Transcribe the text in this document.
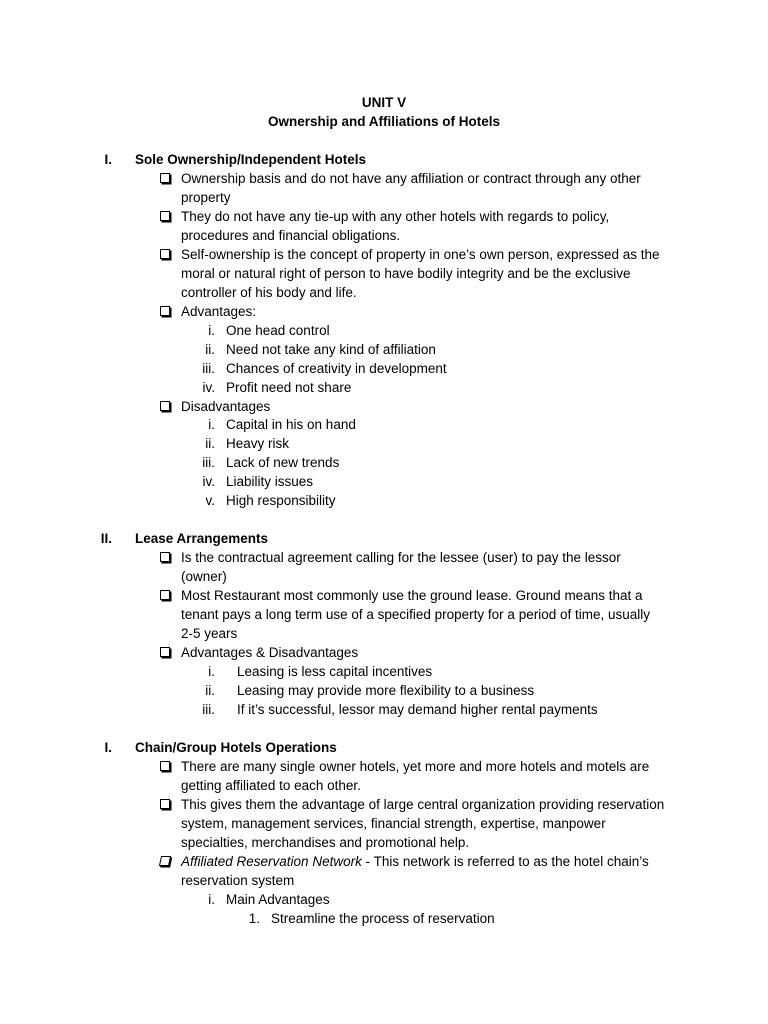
UNIT V
Ownership and Affiliations of Hotels
I. Sole Ownership/Independent Hotels
Ownership basis and do not have any affiliation or contract through any other
property
They do not have any tie-up with any other hotels with regards to policy,
procedures and financial obligations.
Self-ownership is the concept of property in one’s own person, expressed as the
moral or natural right of person to have bodily integrity and be the exclusive
controller of his body and life.
Advantages:
i. One head control
ii. Need not take any kind of affiliation
iii. Chances of creativity in development
iv. Profit need not share
Disadvantages
i. Capital in his on hand
ii. Heavy risk
iii. Lack of new trends
iv. Liability issues
v. High responsibility
II. Lease Arrangements
Is the contractual agreement calling for the lessee (user) to pay the lessor
(owner)
Most Restaurant most commonly use the ground lease. Ground means that a
tenant pays a long term use of a specified property for a period of time, usually
2-5 years
Advantages & Disadvantages
i. Leasing is less capital incentives
ii. Leasing may provide more flexibility to a business
iii. If it’s successful, lessor may demand higher rental payments
I. Chain/Group Hotels Operations
There are many single owner hotels, yet more and more hotels and motels are
getting affiliated to each other.
This gives them the advantage of large central organization providing reservation
system, management services, financial strength, expertise, manpower
specialties, merchandises and promotional help.
Affiliated Reservation Network - This network is referred to as the hotel chain’s
reservation system
i. Main Advantages
1. Streamline the process of reservation
